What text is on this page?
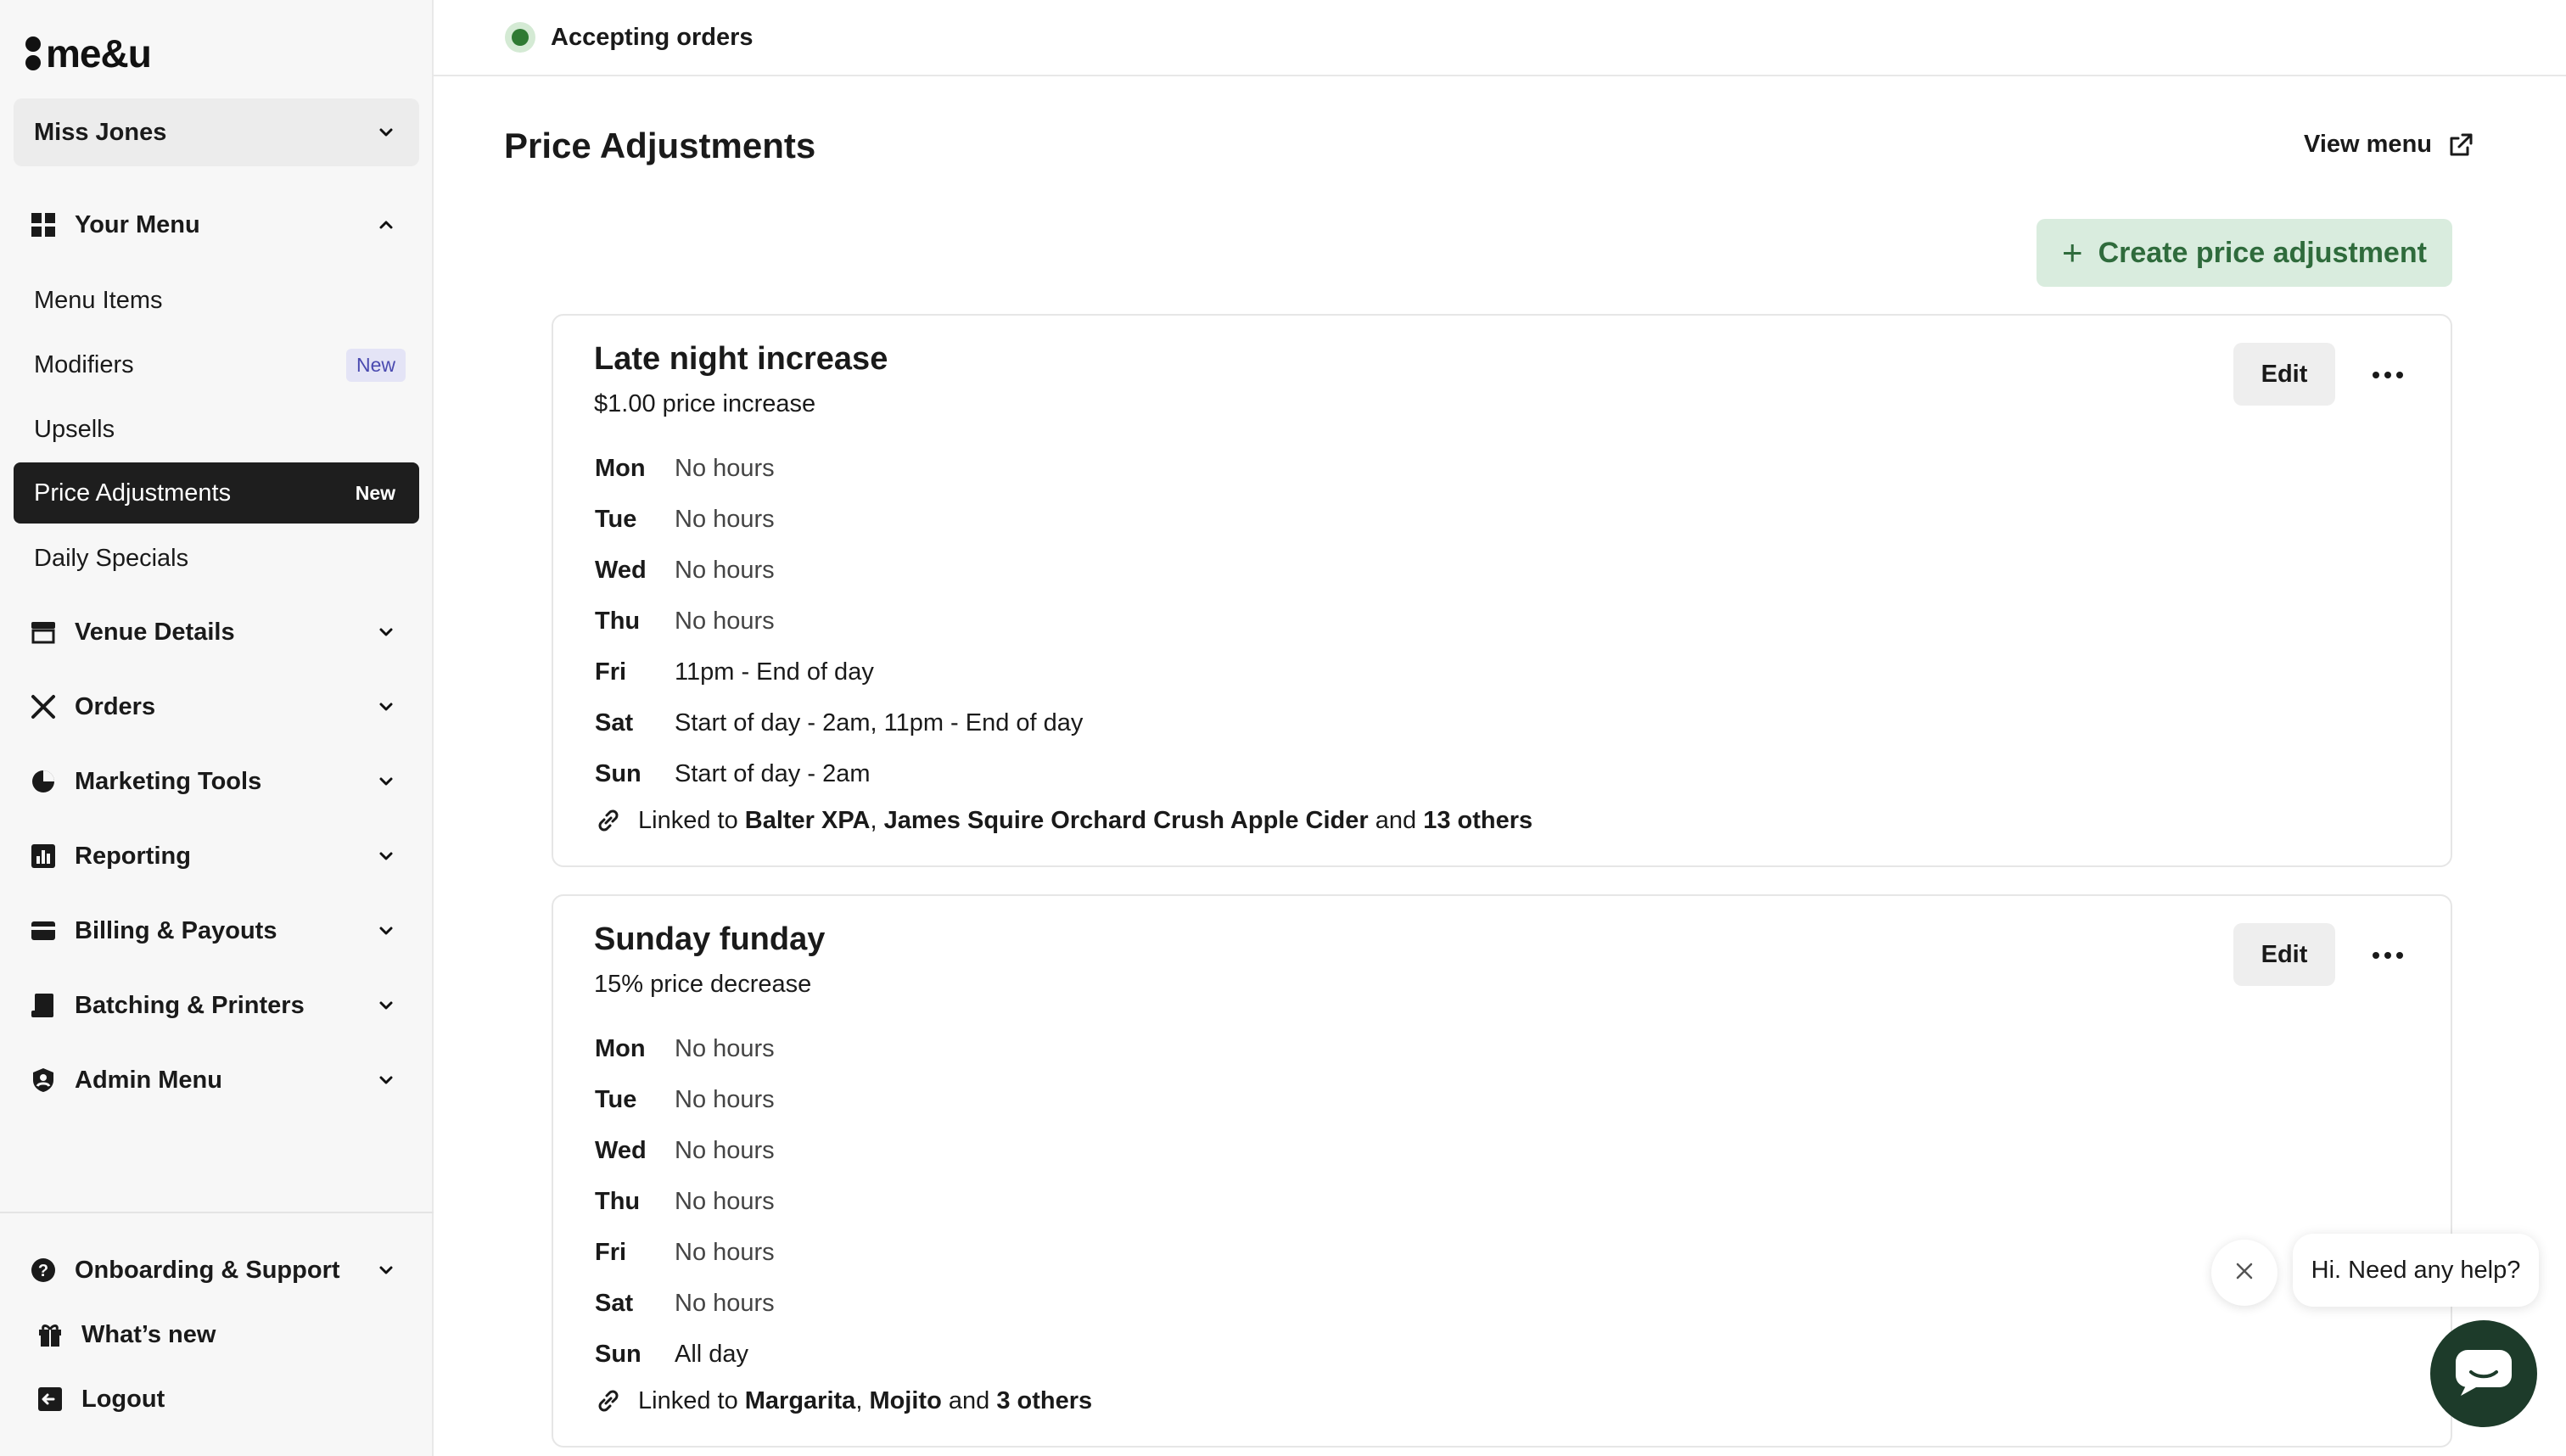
me&u
Miss Jones
Your Menu
Menu Items
Modifiers	New
Upsells
Price Adjustments	New
Daily Specials
Venue Details
Orders
Marketing Tools
Reporting
Billing & Payouts
Batching & Printers
Admin Menu
? Onboarding & Support
What’s new
Logout
Accepting orders
Price Adjustments	View menu
+ Create price adjustment
Late night increase
$1.00 price increase
Edit
Mon	No hours
Tue	No hours
Wed	No hours
Thu	No hours
Fri	11pm - End of day
Sat	Start of day - 2am, 11pm - End of day
Sun	Start of day - 2am
Linked to
Balter XPA , James Squire Orchard Crush Apple Cider
and
13 others
Sunday funday
15% price decrease
Edit
Mon	No hours
Tue	No hours
Wed	No hours
Thu	No hours
Fri	No hours
Sat	No hours
Sun	All day
Linked to
Margarita , Mojito
and
3 others
Hi. Need any help?
